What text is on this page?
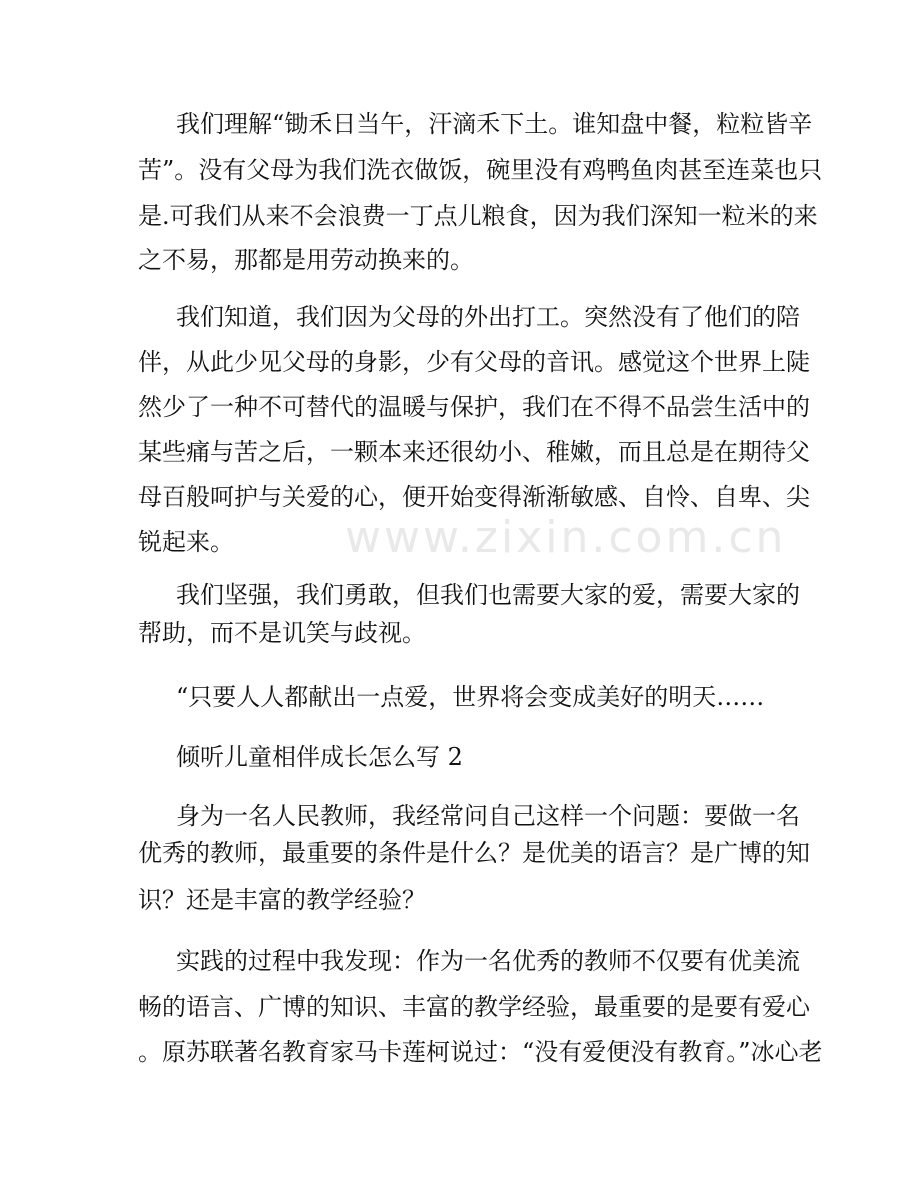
www.zixin.com.cn
我们理解“锄禾日当午，汗滴禾下土。谁知盘中餐，粒粒皆辛
苦”。没有父母为我们洗衣做饭，碗里没有鸡鸭鱼肉甚至连菜也只
是.可我们从来不会浪费一丁点儿粮食，因为我们深知一粒米的来
之不易，那都是用劳动换来的。
我们知道，我们因为父母的外出打工。突然没有了他们的陪
伴，从此少见父母的身影，少有父母的音讯。感觉这个世界上陡
然少了一种不可替代的温暖与保护，我们在不得不品尝生活中的
某些痛与苦之后，一颗本来还很幼小、稚嫩，而且总是在期待父
母百般呵护与关爱的心，便开始变得渐渐敏感、自怜、自卑、尖
锐起来。
我们坚强，我们勇敢，但我们也需要大家的爱，需要大家的
帮助，而不是讥笑与歧视。
“只要人人都献出一点爱，世界将会变成美好的明天……
倾听儿童相伴成长怎么写 2
身为一名人民教师，我经常问自己这样一个问题：要做一名
优秀的教师，最重要的条件是什么？是优美的语言？是广博的知
识？还是丰富的教学经验？
实践的过程中我发现：作为一名优秀的教师不仅要有优美流
畅的语言、广博的知识、丰富的教学经验，最重要的是要有爱心
。原苏联著名教育家马卡莲柯说过：“没有爱便没有教育。”冰心老
